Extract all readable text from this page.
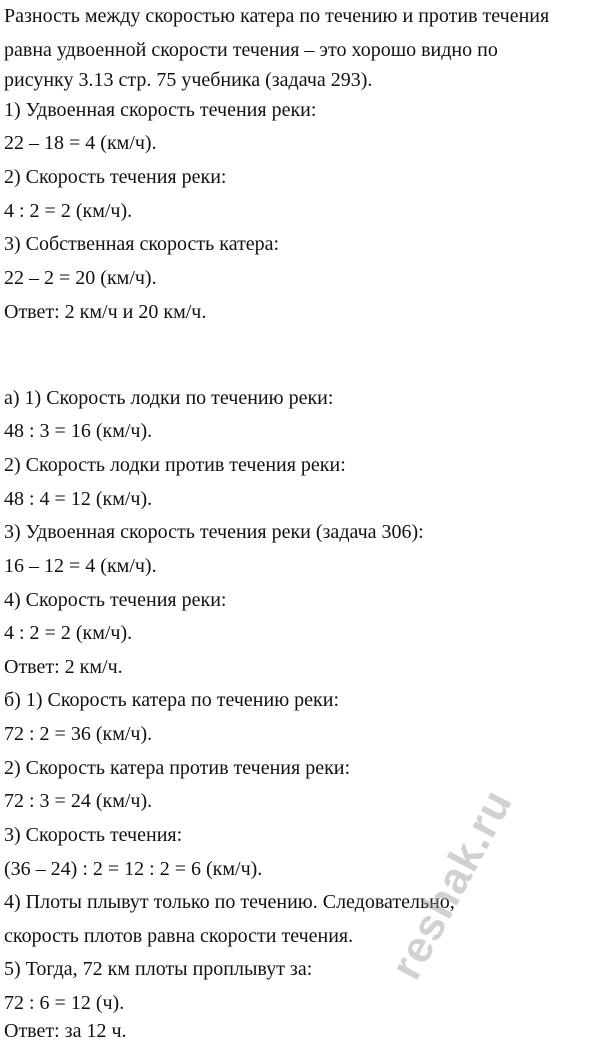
Разность между скоростью катера по течению и против течения
равна удвоенной скорости течения – это хорошо видно по
рисунку 3.13 стр. 75 учебника (задача 293).
1) Удвоенная скорость течения реки:
22 – 18 = 4 (км/ч).
2) Скорость течения реки:
4 : 2 = 2 (км/ч).
3) Собственная скорость катера:
22 – 2 = 20 (км/ч).
Ответ: 2 км/ч и 20 км/ч.
а) 1) Скорость лодки по течению реки:
48 : 3 = 16 (км/ч).
2) Скорость лодки против течения реки:
48 : 4 = 12 (км/ч).
3) Удвоенная скорость течения реки (задача 306):
16 – 12 = 4 (км/ч).
4) Скорость течения реки:
4 : 2 = 2 (км/ч).
Ответ: 2 км/ч.
б) 1) Скорость катера по течению реки:
72 : 2 = 36 (км/ч).
2) Скорость катера против течения реки:
72 : 3 = 24 (км/ч).
3) Скорость течения:
(36 – 24) : 2 = 12 : 2 = 6 (км/ч).
4) Плоты плывут только по течению. Следовательно,
скорость плотов равна скорости течения.
5) Тогда, 72 км плоты проплывут за:
72 : 6 = 12 (ч).
Ответ: за 12 ч.
reshak.ru
